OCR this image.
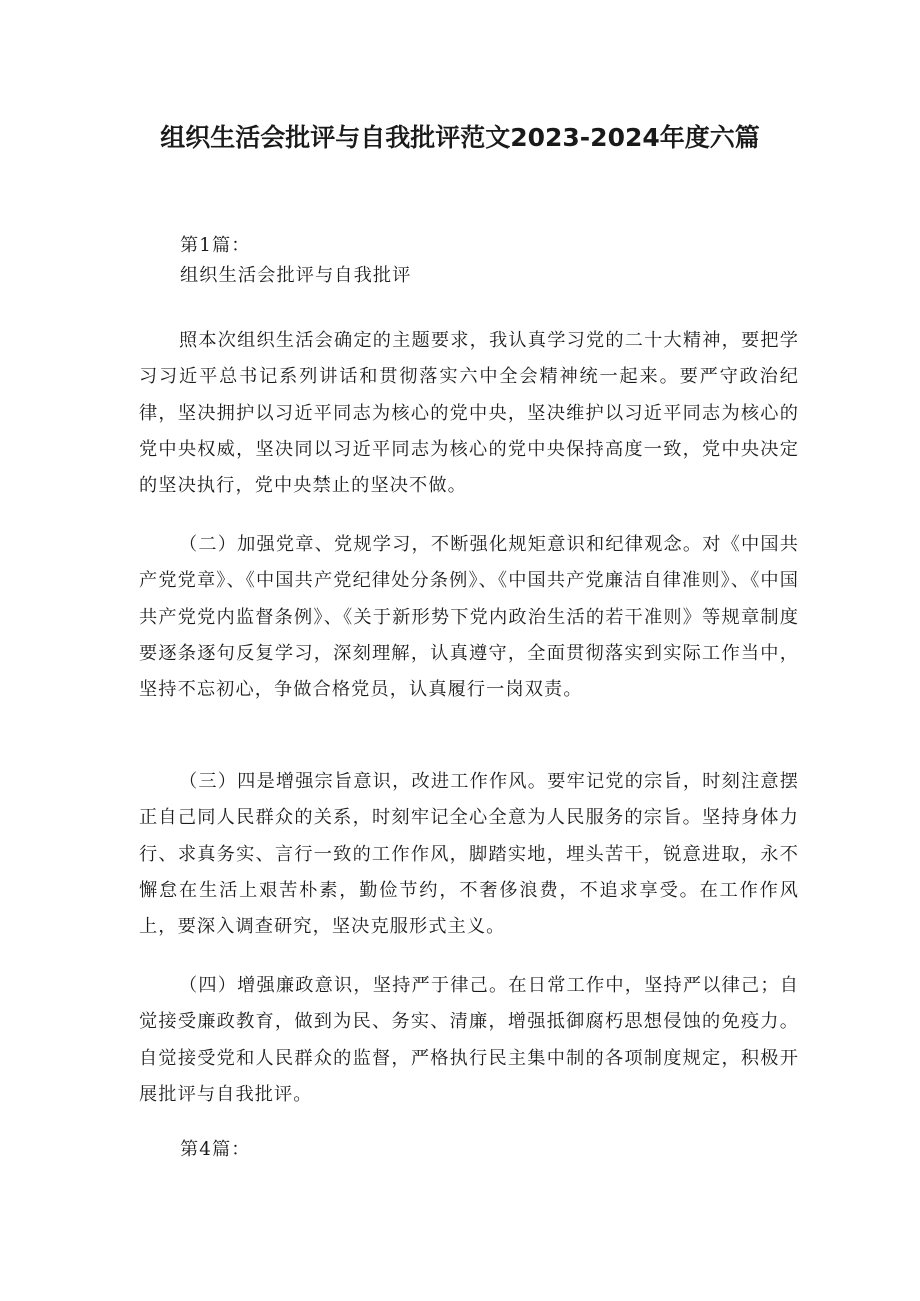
组织生活会批评与自我批评范文2023-2024年度六篇

第1篇：

组织生活会批评与自我批评

照本次组织生活会确定的主题要求，我认真学习党的二十大精神，要把学习习近平总书记系列讲话和贯彻落实六中全会精神统一起来。要严守政治纪律，坚决拥护以习近平同志为核心的党中央，坚决维护以习近平同志为核心的党中央权威，坚决同以习近平同志为核心的党中央保持高度一致，党中央决定的坚决执行，党中央禁止的坚决不做。

（二）加强党章、党规学习，不断强化规矩意识和纪律观念。对《中国共产党党章》、《中国共产党纪律处分条例》、《中国共产党廉洁自律准则》、《中国共产党党内监督条例》、《关于新形势下党内政治生活的若干准则》等规章制度要逐条逐句反复学习，深刻理解，认真遵守，全面贯彻落实到实际工作当中，坚持不忘初心，争做合格党员，认真履行一岗双责。

（三）四是增强宗旨意识，改进工作作风。要牢记党的宗旨，时刻注意摆正自己同人民群众的关系，时刻牢记全心全意为人民服务的宗旨。坚持身体力行、求真务实、言行一致的工作作风，脚踏实地，埋头苦干，锐意进取，永不懈怠在生活上艰苦朴素，勤俭节约，不奢侈浪费，不追求享受。在工作作风上，要深入调查研究，坚决克服形式主义。

（四）增强廉政意识，坚持严于律己。在日常工作中，坚持严以律己；自觉接受廉政教育，做到为民、务实、清廉，增强抵御腐朽思想侵蚀的免疫力。自觉接受党和人民群众的监督，严格执行民主集中制的各项制度规定，积极开展批评与自我批评。

第4篇：
